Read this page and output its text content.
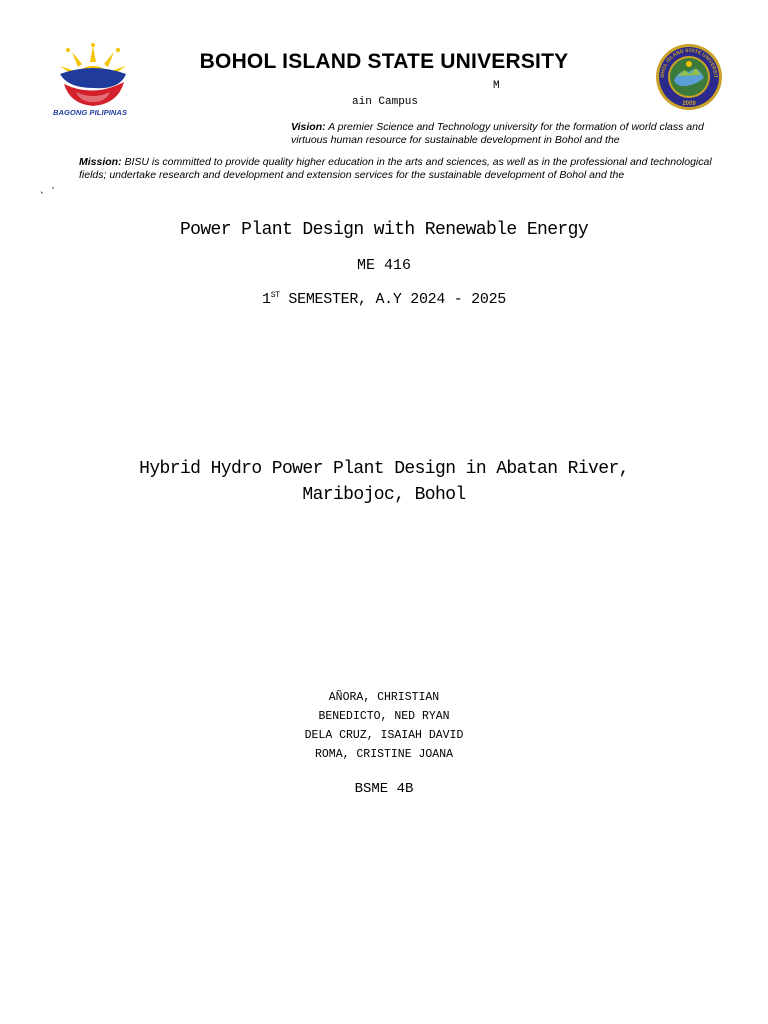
BAGONG PILIPINAS
BOHOL ISLAND STATE UNIVERSITY
2009
OHOL ISLAND STATE UNIVERSIT
M
ain Campus
Vision: A premier Science and Technology university for the formation of world class and virtuous human resource for sustainable development in Bohol and the
Mission: BISU is committed to provide quality higher education in the arts and sciences, as well as in the professional and technological fields; undertake research and development and extension services for the sustainable development of Bohol and the
ˎ ·
Power Plant Design with Renewable Energy
ME 416
1ST SEMESTER, A.Y 2024 - 2025
Hybrid Hydro Power Plant Design in Abatan River,
Maribojoc, Bohol
AÑORA, CHRISTIAN
BENEDICTO, NED RYAN
DELA CRUZ, ISAIAH DAVID
ROMA, CRISTINE JOANA
BSME 4B
